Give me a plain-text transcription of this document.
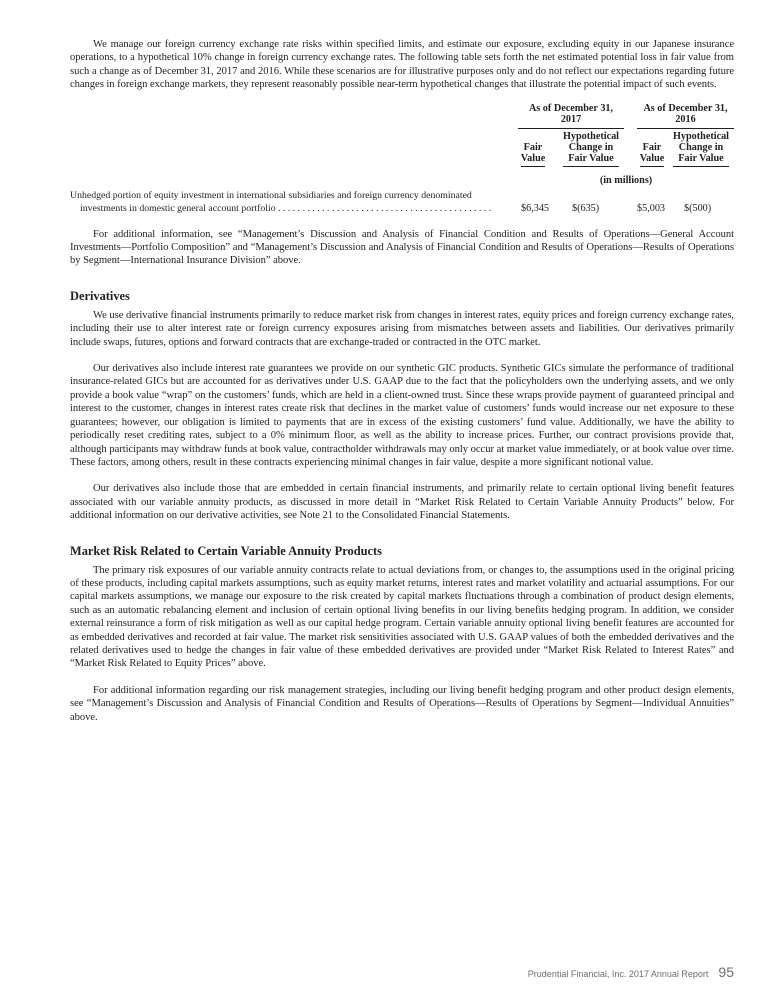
We manage our foreign currency exchange rate risks within specified limits, and estimate our exposure, excluding equity in our Japanese insurance operations, to a hypothetical 10% change in foreign currency exchange rates. The following table sets forth the net estimated potential loss in fair value from such a change as of December 31, 2017 and 2016. While these scenarios are for illustrative purposes only and do not reflect our expectations regarding future changes in foreign exchange markets, they represent reasonably possible near-term hypothetical changes that illustrate the potential impact of such events.

As of December 31,
2017
As of December 31,
2016

Fair
Value
Hypothetical
Change in
Fair Value

Fair
Value
Hypothetical
Change in
Fair Value
(in millions)
Unhedged portion of equity investment in international subsidiaries and foreign currency denominated
investments in domestic general account portfolio . . . . . . . . . . . . . . . . . . . . . . . . . . . . . . . . . . . . . . . . . . . .	$6,345 $(635)	$5,003 $(500)

For additional information, see “Management’s Discussion and Analysis of Financial Condition and Results of Operations—General Account Investments—Portfolio Composition” and “Management’s Discussion and Analysis of Financial Condition and Results of Operations—Results of Operations by Segment—International Insurance Division” above.

Derivatives

We use derivative financial instruments primarily to reduce market risk from changes in interest rates, equity prices and foreign currency exchange rates, including their use to alter interest rate or foreign currency exposures arising from mismatches between assets and liabilities. Our derivatives primarily include swaps, futures, options and forward contracts that are exchange-traded or contracted in the OTC market.

Our derivatives also include interest rate guarantees we provide on our synthetic GIC products. Synthetic GICs simulate the performance of traditional insurance-related GICs but are accounted for as derivatives under U.S. GAAP due to the fact that the policyholders own the underlying assets, and we only provide a book value “wrap” on the customers’ funds, which are held in a client-owned trust. Since these wraps provide payment of guaranteed principal and interest to the customer, changes in interest rates create risk that declines in the market value of customers’ funds would increase our net exposure to these guarantees; however, our obligation is limited to payments that are in excess of the existing customers’ fund value. Additionally, we have the ability to periodically reset crediting rates, subject to a 0% minimum floor, as well as the ability to increase prices. Further, our contract provisions provide that, although participants may withdraw funds at book value, contractholder withdrawals may only occur at market value immediately, or at book value over time. These factors, among others, result in these contracts experiencing minimal changes in fair value, despite a more significant notional value.

Our derivatives also include those that are embedded in certain financial instruments, and primarily relate to certain optional living benefit features associated with our variable annuity products, as discussed in more detail in “Market Risk Related to Certain Variable Annuity Products” below. For additional information on our derivative activities, see Note 21 to the Consolidated Financial Statements.

Market Risk Related to Certain Variable Annuity Products

The primary risk exposures of our variable annuity contracts relate to actual deviations from, or changes to, the assumptions used in the original pricing of these products, including capital markets assumptions, such as equity market returns, interest rates and market volatility and actuarial assumptions. For our capital markets assumptions, we manage our exposure to the risk created by capital markets fluctuations through a combination of product design elements, such as an automatic rebalancing element and inclusion of certain optional living benefits in our living benefits hedging program. In addition, we consider external reinsurance a form of risk mitigation as well as our capital hedge program. Certain variable annuity optional living benefit features are accounted for as embedded derivatives and recorded at fair value. The market risk sensitivities associated with U.S. GAAP values of both the embedded derivatives and the related derivatives used to hedge the changes in fair value of these embedded derivatives are provided under “Market Risk Related to Interest Rates” and “Market Risk Related to Equity Prices” above.

For additional information regarding our risk management strategies, including our living benefit hedging program and other product design elements, see “Management’s Discussion and Analysis of Financial Condition and Results of Operations—Results of Operations by Segment—Individual Annuities” above.

Prudential Financial, Inc. 2017 Annual Report 95
